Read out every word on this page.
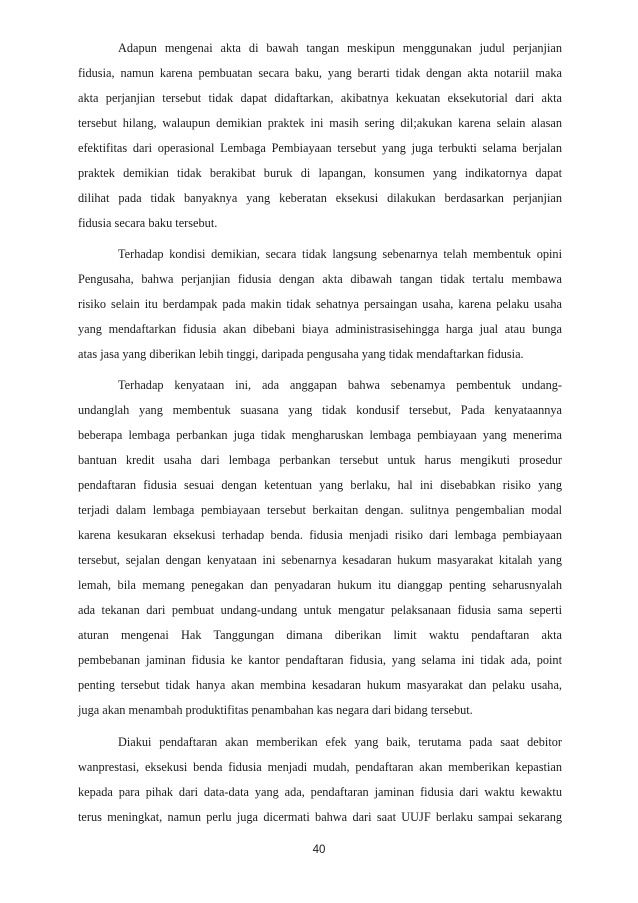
Adapun mengenai akta di bawah tangan meskipun menggunakan judul perjanjian
fidusia, namun karena pembuatan secara baku, yang berarti tidak dengan akta notariil maka
akta perjanjian tersebut tidak dapat didaftarkan, akibatnya kekuatan eksekutorial dari akta
tersebut hilang, walaupun demikian praktek ini masih sering dil;akukan karena selain alasan
efektifitas dari operasional Lembaga Pembiayaan tersebut yang juga terbukti selama berjalan
praktek demikian tidak berakibat buruk di lapangan, konsumen yang indikatornya dapat
dilihat pada tidak banyaknya yang keberatan eksekusi dilakukan berdasarkan perjanjian
fidusia secara baku tersebut.
Terhadap kondisi demikian, secara tidak langsung sebenarnya telah membentuk opini
Pengusaha, bahwa perjanjian fidusia dengan akta dibawah tangan tidak tertalu membawa
risiko selain itu berdampak pada makin tidak sehatnya persaingan usaha, karena pelaku usaha
yang mendaftarkan fidusia akan dibebani biaya administrasisehingga harga jual atau bunga
atas jasa yang diberikan lebih tinggi, daripada pengusaha yang tidak mendaftarkan fidusia.
Terhadap kenyataan ini, ada anggapan bahwa sebenamya pembentuk undang-
undanglah yang membentuk suasana yang tidak kondusif tersebut, Pada kenyataannya
beberapa lembaga perbankan juga tidak mengharuskan lembaga pembiayaan yang menerima
bantuan kredit usaha dari lembaga perbankan tersebut untuk harus mengikuti prosedur
pendaftaran fidusia sesuai dengan ketentuan yang berlaku, hal ini disebabkan risiko yang
terjadi dalam lembaga pembiayaan tersebut berkaitan dengan. sulitnya pengembalian modal
karena kesukaran eksekusi terhadap benda. fidusia menjadi risiko dari lembaga pembiayaan
tersebut, sejalan dengan kenyataan ini sebenarnya kesadaran hukum masyarakat kitalah yang
lemah, bila memang penegakan dan penyadaran hukum itu dianggap penting seharusnyalah
ada tekanan dari pembuat undang-undang untuk mengatur pelaksanaan fidusia sama seperti
aturan mengenai Hak Tanggungan dimana diberikan limit waktu pendaftaran akta
pembebanan jaminan fidusia ke kantor pendaftaran fidusia, yang selama ini tidak ada, point
penting tersebut tidak hanya akan membina kesadaran hukum masyarakat dan pelaku usaha,
juga akan menambah produktifitas penambahan kas negara dari bidang tersebut.
Diakui pendaftaran akan memberikan efek yang baik, terutama pada saat debitor
wanprestasi, eksekusi benda fidusia menjadi mudah, pendaftaran akan memberikan kepastian
kepada para pihak dari data-data yang ada, pendaftaran jaminan fidusia dari waktu kewaktu
terus meningkat, namun perlu juga dicermati bahwa dari saat UUJF berlaku sampai sekarang
40
